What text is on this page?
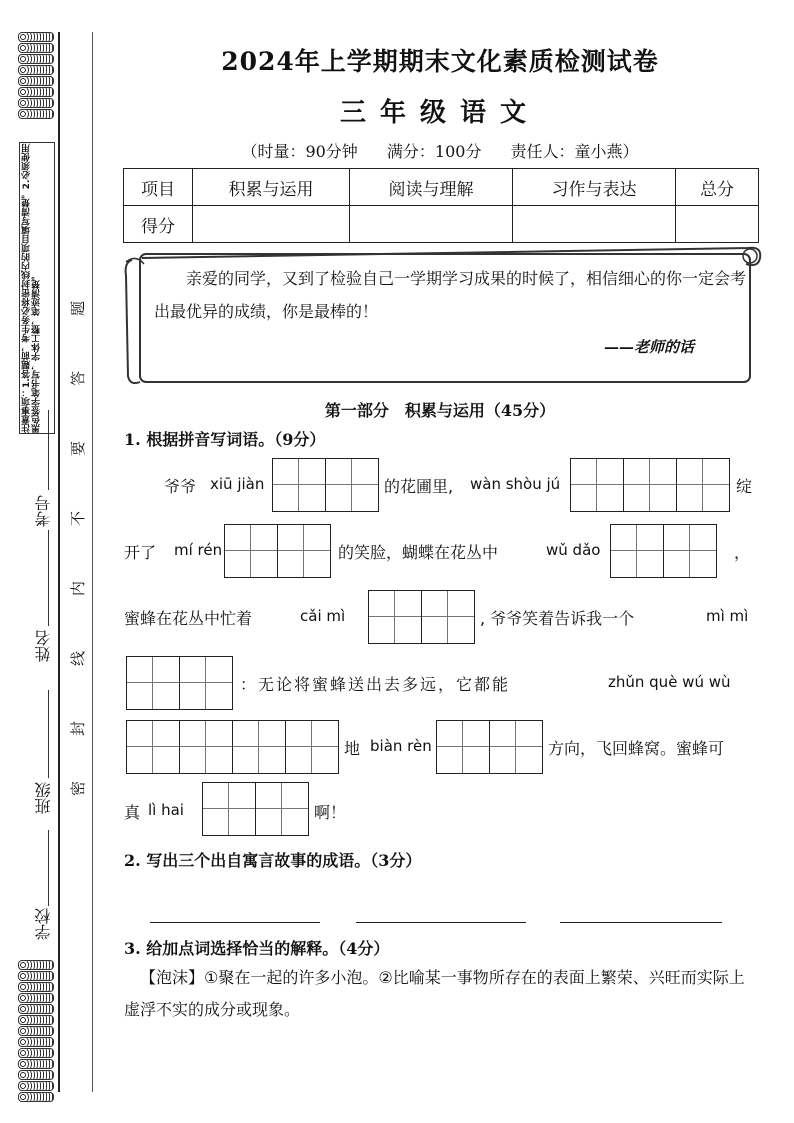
注意事项：1.答题前，考生务必将密封线内的项目填写清楚。2.必须使用黑色签字笔书写，字体工整，笔迹清楚。
学校
班级
姓名
考号
密
封
线
内
不
要
答
题
2024年上学期期末文化素质检测试卷
三年级语文
（时量：90分钟 满分：100分 责任人：童小燕）
项目	积累与运用	阅读与理解	习作与表达	总分
得分				
亲爱的同学，又到了检验自己一学期学习成果的时候了，相信细心的你一定会考出最优异的成绩，你是最棒的！
——老师的话
第一部分　积累与运用（45分）
1. 根据拼音写词语。（9分）
爷爷 xiū jiàn	的花圃里, wàn shòu jú	绽
开了 mí rén	的笑脸，蝴蝶在花丛中	wǔ dǎo	，
蜜蜂在花丛中忙着	cǎi mì	, 爷爷笑着告诉我一个	mì mì
：无论将蜜蜂送出去多远，它都能	zhǔn què wú wù
地 biàn rèn	方向，飞回蜂窝。蜜蜂可
真 lì hai	啊！
2. 写出三个出自寓言故事的成语。（3分）
3. 给加点词选择恰当的解释。（4分）
【泡沫】①聚在一起的许多小泡。②比喻某一事物所存在的表面上繁荣、兴旺而实际上虚浮不实的成分或现象。
